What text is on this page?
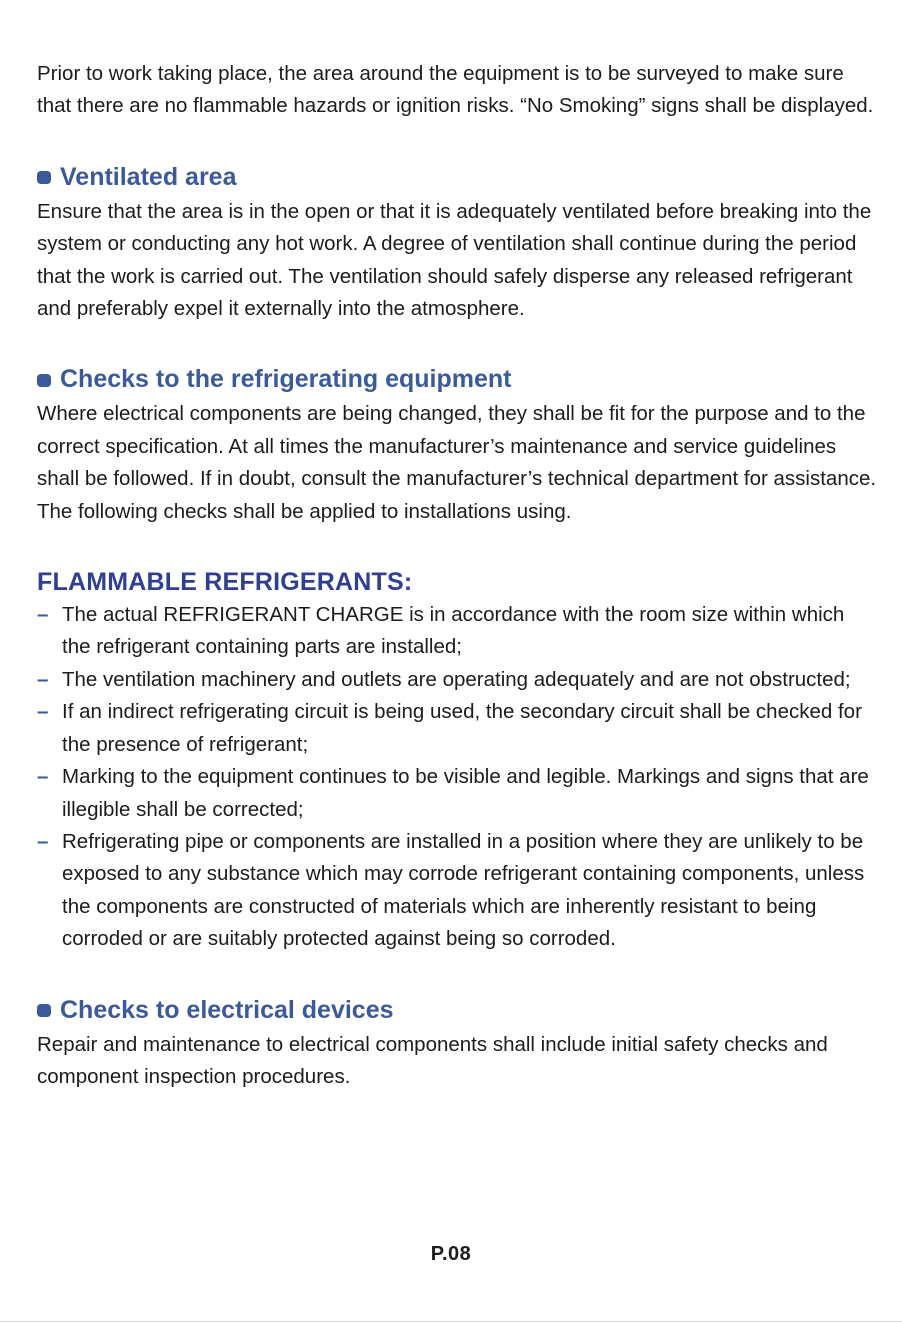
Prior to work taking place, the area around the equipment is to be surveyed to make sure that there are no flammable hazards or ignition risks. “No Smoking” signs shall be displayed.

Ventilated area

Ensure that the area is in the open or that it is adequately ventilated before breaking into the system or conducting any hot work. A degree of ventilation shall continue during the period that the work is carried out. The ventilation should safely disperse any released refrigerant and preferably expel it externally into the atmosphere.

Checks to the refrigerating equipment

Where electrical components are being changed, they shall be fit for the purpose and to the correct specification. At all times the manufacturer’s maintenance and service guidelines shall be followed. If in doubt, consult the manufacturer’s technical department for assistance.

The following checks shall be applied to installations using.

FLAMMABLE REFRIGERANTS:
– The actual REFRIGERANT CHARGE is in accordance with the room size within which the refrigerant containing parts are installed;
– The ventilation machinery and outlets are operating adequately and are not obstructed;
– If an indirect refrigerating circuit is being used, the secondary circuit shall be checked for the presence of refrigerant;
– Marking to the equipment continues to be visible and legible. Markings and signs that are illegible shall be corrected;
– Refrigerating pipe or components are installed in a position where they are unlikely to be exposed to any substance which may corrode refrigerant containing components, unless the components are constructed of materials which are inherently resistant to being corroded or are suitably protected against being so corroded.
Checks to electrical devices

Repair and maintenance to electrical components shall include initial safety checks and component inspection procedures.

P.08
